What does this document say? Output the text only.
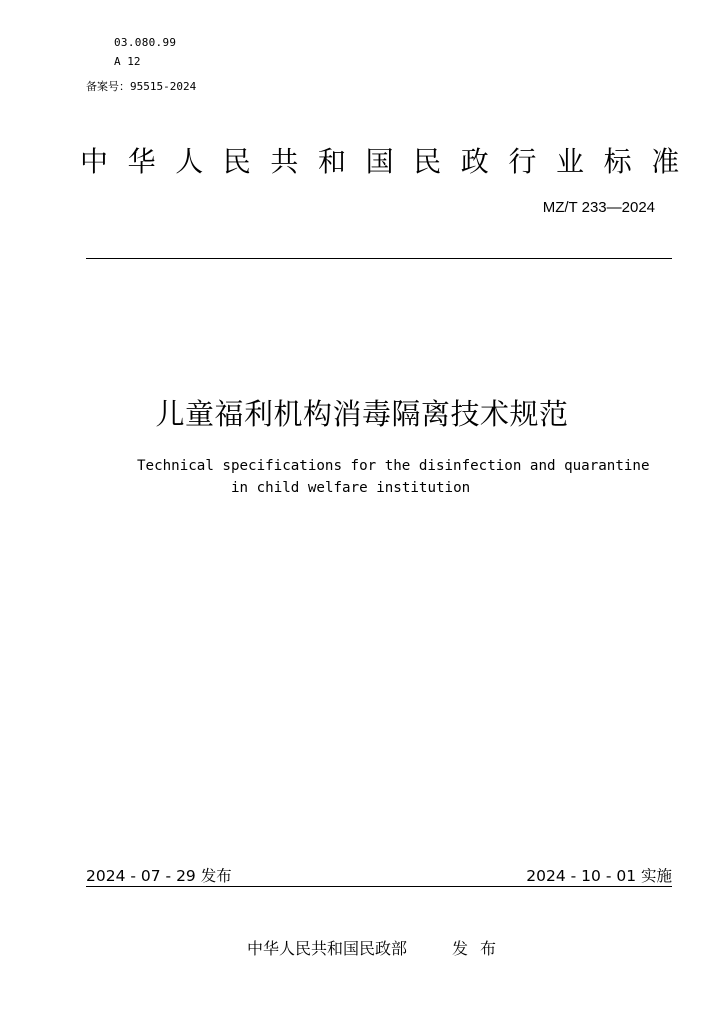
03.080.99
A 12
备案号：95515-2024
中华人民共和国民政行业标准
MZ/T 233—2024
儿童福利机构消毒隔离技术规范
Technical specifications for the disinfection and quarantine
in child welfare institution
2024 - 07 - 29 发布	2024 - 10 - 01 实施
中华人民共和国民政部	发布
